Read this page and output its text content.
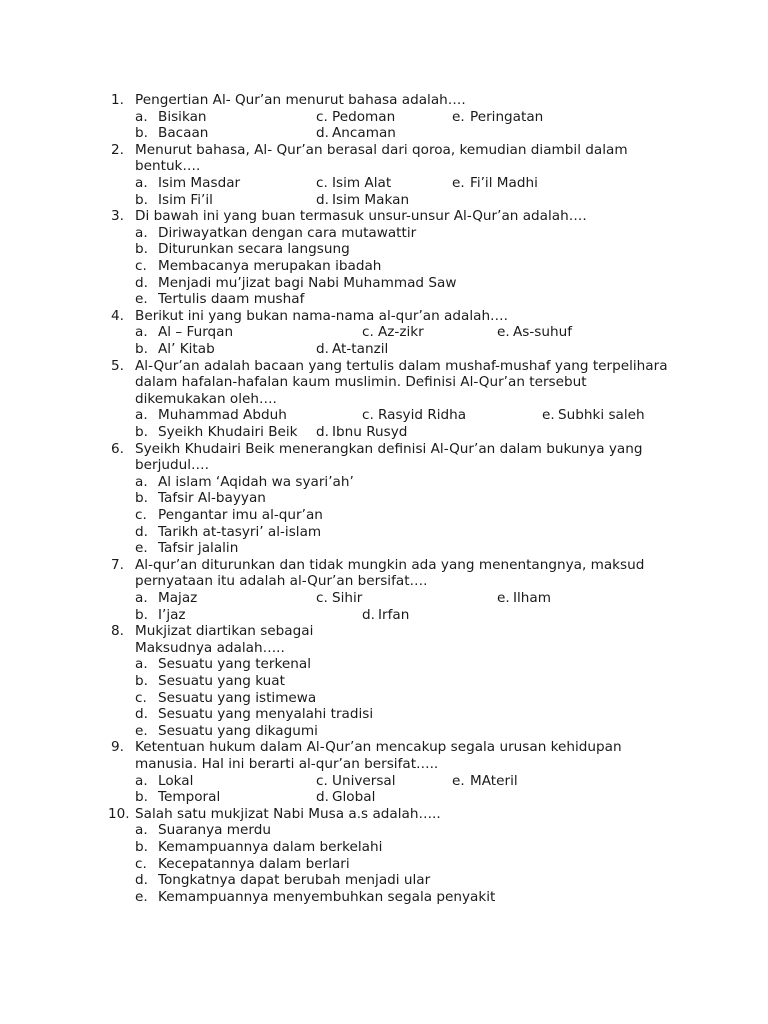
1. Pengertian Al- Qur’an menurut bahasa adalah….
a. Bisikan	c. Pedoman	e. Peringatan
b. Bacaan	d. Ancaman
2. Menurut bahasa, Al- Qur’an berasal dari qoroa, kemudian diambil dalam
bentuk….
a. Isim Masdar	c. Isim Alat	e. Fi’il Madhi
b. Isim Fi’il	d. Isim Makan
3. Di bawah ini yang buan termasuk unsur-unsur Al-Qur’an adalah….
a. Diriwayatkan dengan cara mutawattir
b. Diturunkan secara langsung
c. Membacanya merupakan ibadah
d. Menjadi mu’jizat bagi Nabi Muhammad Saw
e. Tertulis daam mushaf
4. Berikut ini yang bukan nama-nama al-qur’an adalah….
a. Al – Furqan	c. Az-zikr	e. As-suhuf
b. Al’ Kitab	d. At-tanzil
5. Al-Qur’an adalah bacaan yang tertulis dalam mushaf-mushaf yang terpelihara
dalam hafalan-hafalan kaum muslimin. Definisi Al-Qur’an tersebut
dikemukakan oleh….
a. Muhammad Abduh	c. Rasyid Ridha	e. Subhki saleh
b. Syeikh Khudairi Beik d. Ibnu Rusyd
6. Syeikh Khudairi Beik menerangkan definisi Al-Qur’an dalam bukunya yang
berjudul….
a. Al islam ‘Aqidah wa syari’ah’
b. Tafsir Al-bayyan
c. Pengantar imu al-qur’an
d. Tarikh at-tasyri’ al-islam
e. Tafsir jalalin
7. Al-qur’an diturunkan dan tidak mungkin ada yang menentangnya, maksud
pernyataan itu adalah al-Qur’an bersifat….
a. Majaz	c. Sihir	e. Ilham
b. I’jaz	d. Irfan
8. Mukjizat diartikan sebagai
Maksudnya adalah…..
a. Sesuatu yang terkenal
b. Sesuatu yang kuat
c. Sesuatu yang istimewa
d. Sesuatu yang menyalahi tradisi
e. Sesuatu yang dikagumi
9. Ketentuan hukum dalam Al-Qur’an mencakup segala urusan kehidupan
manusia. Hal ini berarti al-qur’an bersifat…..
a. Lokal	c. Universal	e. MAteril
b. Temporal	d. Global
10. Salah satu mukjizat Nabi Musa a.s adalah…..
a. Suaranya merdu
b. Kemampuannya dalam berkelahi
c. Kecepatannya dalam berlari
d. Tongkatnya dapat berubah menjadi ular
e. Kemampuannya menyembuhkan segala penyakit
